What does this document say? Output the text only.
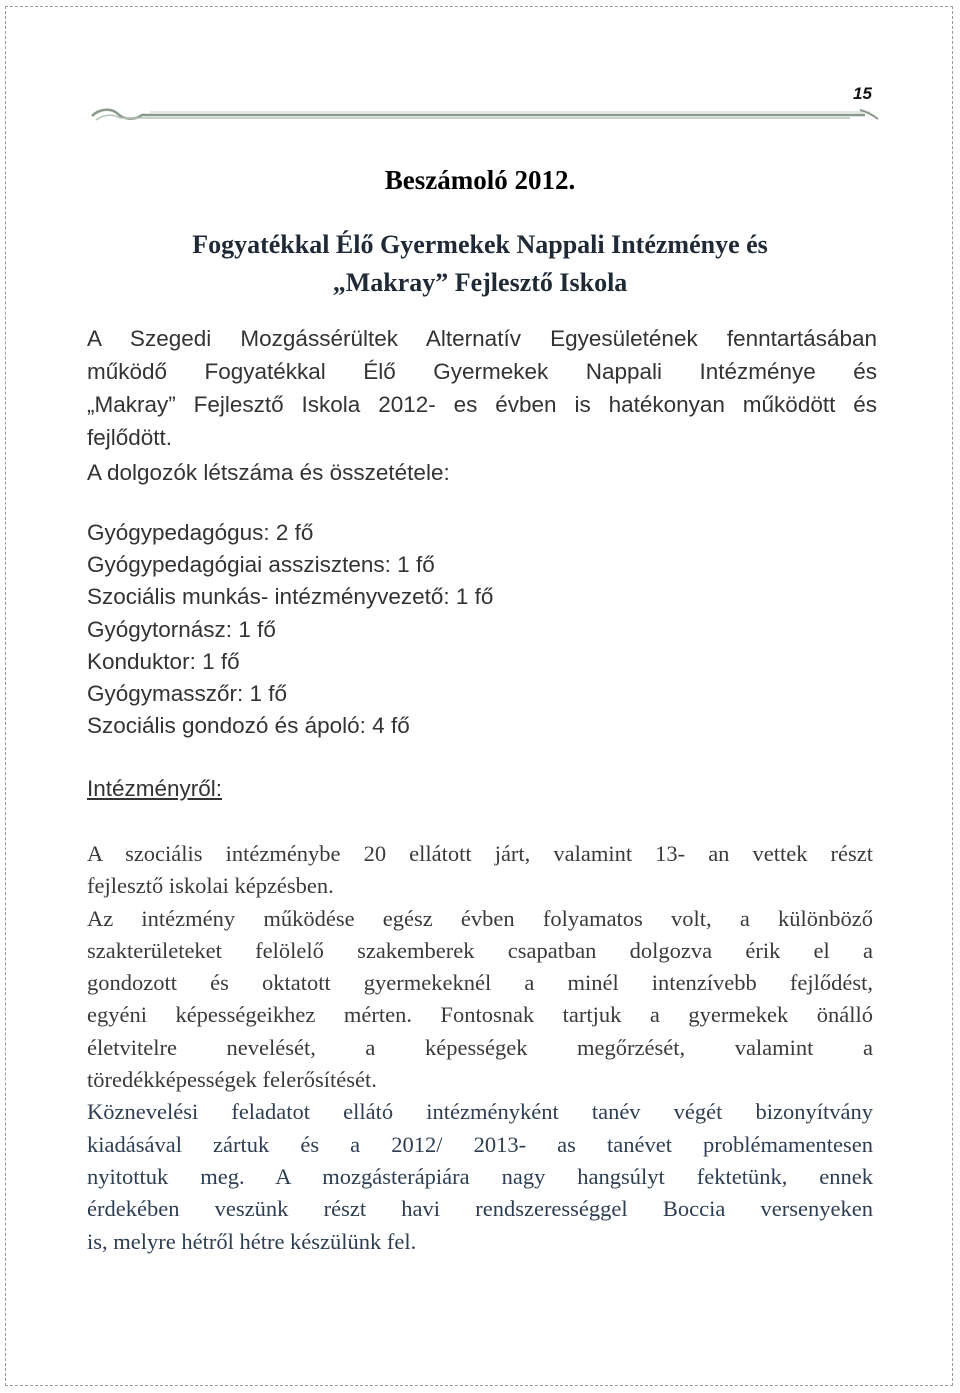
15
Beszámoló 2012.
Fogyatékkal Élő Gyermekek Nappali Intézménye és
„Makray” Fejlesztő Iskola
A Szegedi Mozgássérültek Alternatív Egyesületének fenntartásában
működő Fogyatékkal Élő Gyermekek Nappali Intézménye és
„Makray” Fejlesztő Iskola 2012- es évben is hatékonyan működött és
fejlődött.
A dolgozók létszáma és összetétele:
Gyógypedagógus: 2 fő
Gyógypedagógiai asszisztens: 1 fő
Szociális munkás- intézményvezető: 1 fő
Gyógytornász: 1 fő
Konduktor: 1 fő
Gyógymasszőr: 1 fő
Szociális gondozó és ápoló: 4 fő
Intézményről:
A szociális intézménybe 20 ellátott járt, valamint 13- an vettek részt
fejlesztő iskolai képzésben.
Az intézmény működése egész évben folyamatos volt, a különböző
szakterületeket felölelő szakemberek csapatban dolgozva érik el a
gondozott és oktatott gyermekeknél a minél intenzívebb fejlődést,
egyéni képességeikhez mérten. Fontosnak tartjuk a gyermekek önálló
életvitelre nevelését, a képességek megőrzését, valamint a
töredékképességek felerősítését.
Köznevelési feladatot ellátó intézményként tanév végét bizonyítvány
kiadásával zártuk és a 2012/ 2013- as tanévet problémamentesen
nyitottuk meg. A mozgásterápiára nagy hangsúlyt fektetünk, ennek
érdekében veszünk részt havi rendszerességgel Boccia versenyeken
is, melyre hétről hétre készülünk fel.
